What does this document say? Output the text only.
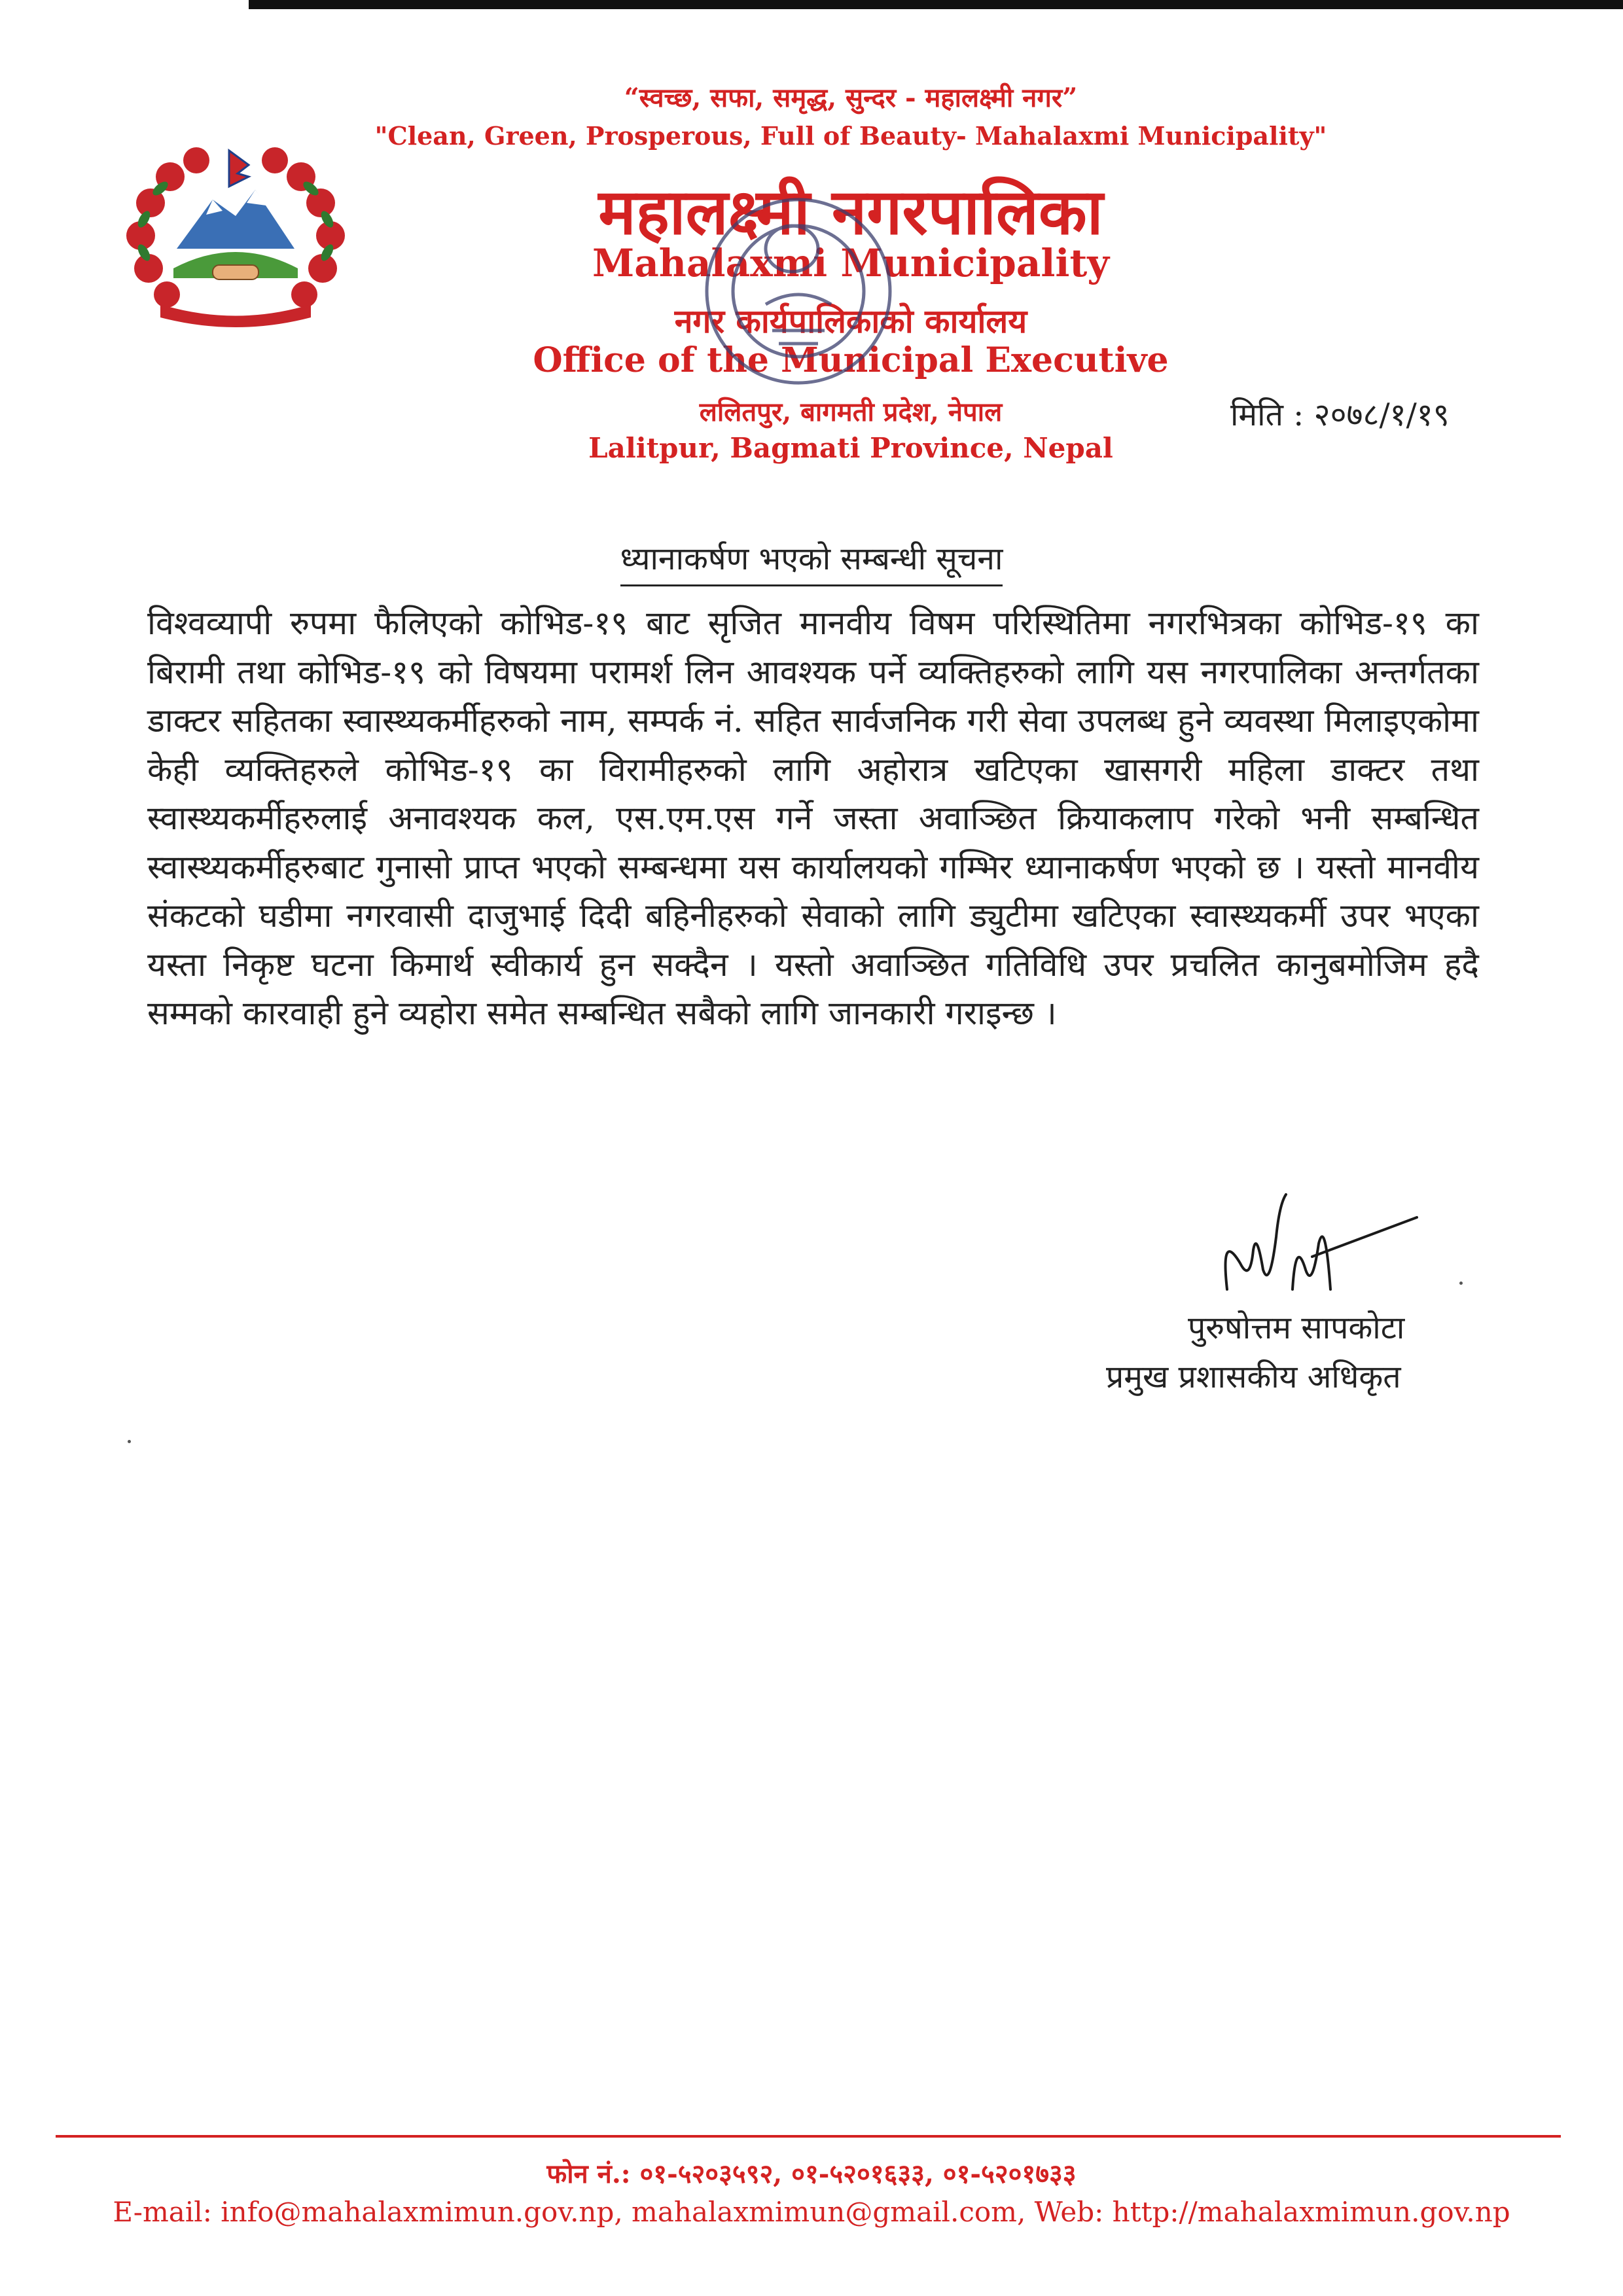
“स्वच्छ, सफा, समृद्ध, सुन्दर - महालक्ष्मी नगर”
"Clean, Green, Prosperous, Full of Beauty- Mahalaxmi Municipality"
महालक्ष्मी नगरपालिका
Mahalaxmi Municipality
नगर कार्यपालिकाको कार्यालय
Office of the Municipal Executive
ललितपुर, बागमती प्रदेश, नेपाल
Lalitpur, Bagmati Province, Nepal
मिति : २०७८/१/१९
ध्यानाकर्षण भएको सम्बन्धी सूचना

विश्वव्यापी रुपमा फैलिएको कोभिड-१९ बाट सृजित मानवीय विषम परिस्थितिमा नगरभित्रका कोभिड-१९ का बिरामी तथा कोभिड-१९ को विषयमा परामर्श लिन आवश्यक पर्ने व्यक्तिहरुको लागि यस नगरपालिका अन्तर्गतका डाक्टर सहितका स्वास्थ्यकर्मीहरुको नाम, सम्पर्क नं. सहित सार्वजनिक गरी सेवा उपलब्ध हुने व्यवस्था मिलाइएकोमा केही व्यक्तिहरुले कोभिड-१९ का विरामीहरुको लागि अहोरात्र खटिएका खासगरी महिला डाक्टर तथा स्वास्थ्यकर्मीहरुलाई अनावश्यक कल, एस.एम.एस गर्ने जस्ता अवाञ्छित क्रियाकलाप गरेको भनी सम्बन्धित स्वास्थ्यकर्मीहरुबाट गुनासो प्राप्त भएको सम्बन्धमा यस कार्यालयको गम्भिर ध्यानाकर्षण भएको छ । यस्तो मानवीय संकटको घडीमा नगरवासी दाजुभाई दिदी बहिनीहरुको सेवाको लागि ड्युटीमा खटिएका स्वास्थ्यकर्मी उपर भएका यस्ता निकृष्ट घटना किमार्थ स्वीकार्य हुन सक्दैन । यस्तो अवाञ्छित गतिविधि उपर प्रचलित कानुबमोजिम हदै सम्मको कारवाही हुने व्यहोरा समेत सम्बन्धित सबैको लागि जानकारी गराइन्छ ।

पुरुषोत्तम सापकोटा
प्रमुख प्रशासकीय अधिकृत
फोन नं.: ०१-५२०३५९२, ०१-५२०१६३३, ०१-५२०१७३३
E-mail: info@mahalaxmimun.gov.np, mahalaxmimun@gmail.com, Web: http://mahalaxmimun.gov.np
